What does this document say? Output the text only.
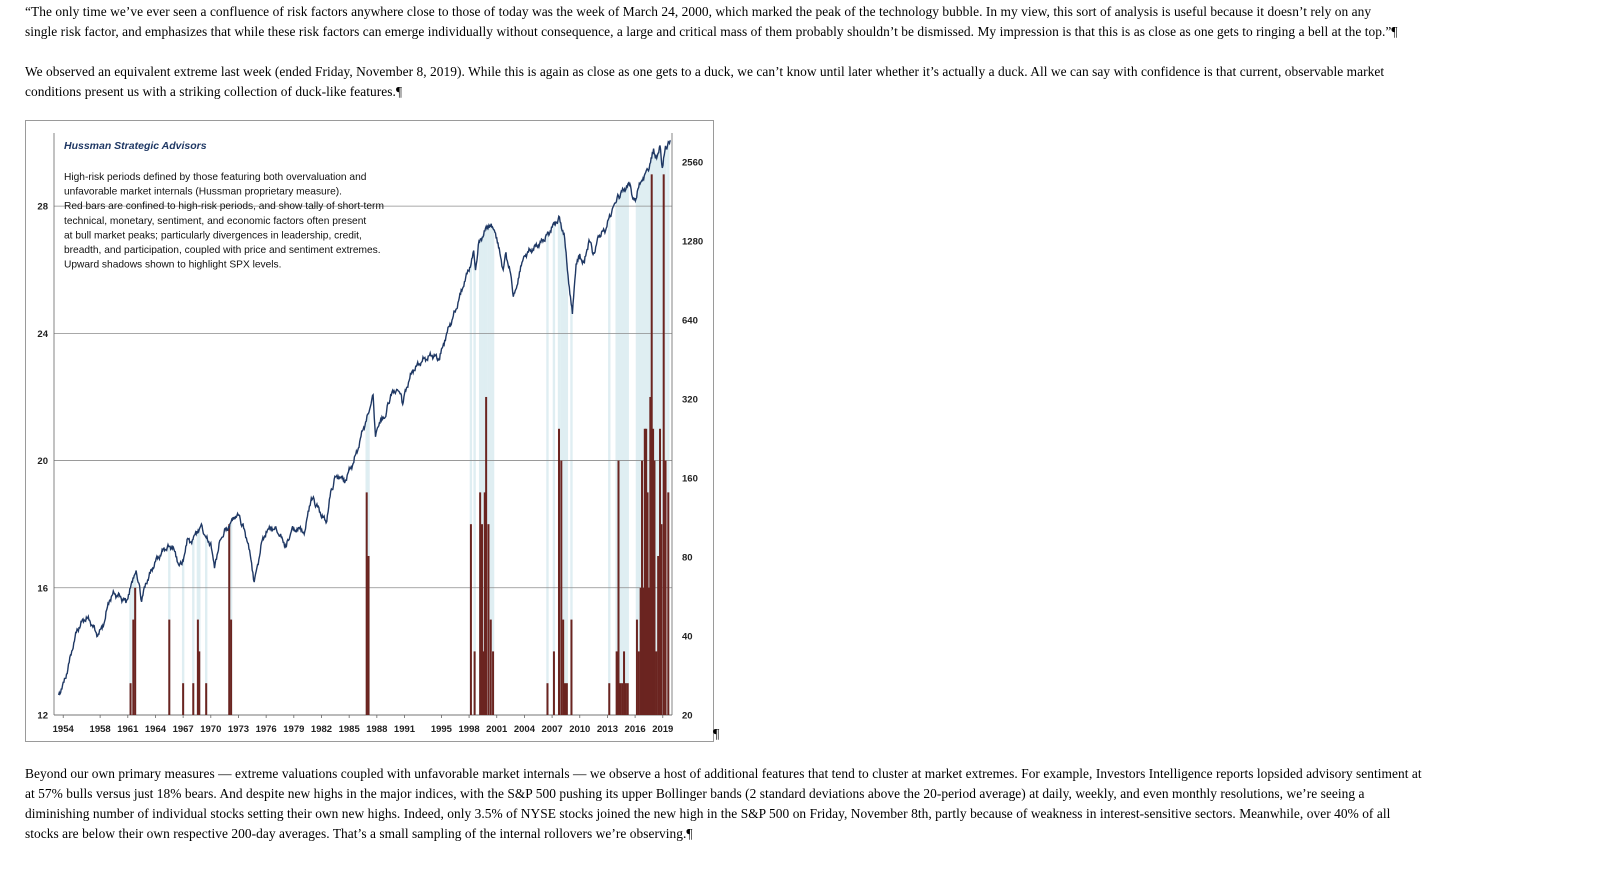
“The only time we’ve ever seen a confluence of risk factors anywhere close to those of today was the week of March 24, 2000, which marked the peak of the technology bubble. In my view, this sort of analysis is useful because it doesn’t rely on any
single risk factor, and emphasizes that while these risk factors can emerge individually without consequence, a large and critical mass of them probably shouldn’t be dismissed. My impression is that this is as close as one gets to ringing a bell at the top.”¶
We observed an equivalent extreme last week (ended Friday, November 8, 2019). While this is again as close as one gets to a duck, we can’t know until later whether it’s actually a duck. All we can say with confidence is that current, observable market
conditions present us with a striking collection of duck-like features.¶
12
16
20
24
28
20
40
80
160
320
640
1280
2560
1954 1958 1961 1964 1967 1970 1973 1976 1979 1982 1985 1988 1991 1995 1998 2001 2004 2007 2010 2013 2016 2019
Hussman Strategic Advisors
High-risk periods defined by those featuring both overvaluation and
unfavorable market internals (Hussman proprietary measure).
Red bars are confined to high-risk periods, and show tally of short-term
technical, monetary, sentiment, and economic factors often present
at bull market peaks; particularly divergences in leadership, credit,
breadth, and participation, coupled with price and sentiment extremes.
Upward shadows shown to highlight SPX levels.
¶
Beyond our own primary measures — extreme valuations coupled with unfavorable market internals — we observe a host of additional features that tend to cluster at market extremes. For example, Investors Intelligence reports lopsided advisory sentiment at
at 57% bulls versus just 18% bears. And despite new highs in the major indices, with the S&P 500 pushing its upper Bollinger bands (2 standard deviations above the 20-period average) at daily, weekly, and even monthly resolutions, we’re seeing a
diminishing number of individual stocks setting their own new highs. Indeed, only 3.5% of NYSE stocks joined the new high in the S&P 500 on Friday, November 8th, partly because of weakness in interest-sensitive sectors. Meanwhile, over 40% of all
stocks are below their own respective 200-day averages. That’s a small sampling of the internal rollovers we’re observing.¶
